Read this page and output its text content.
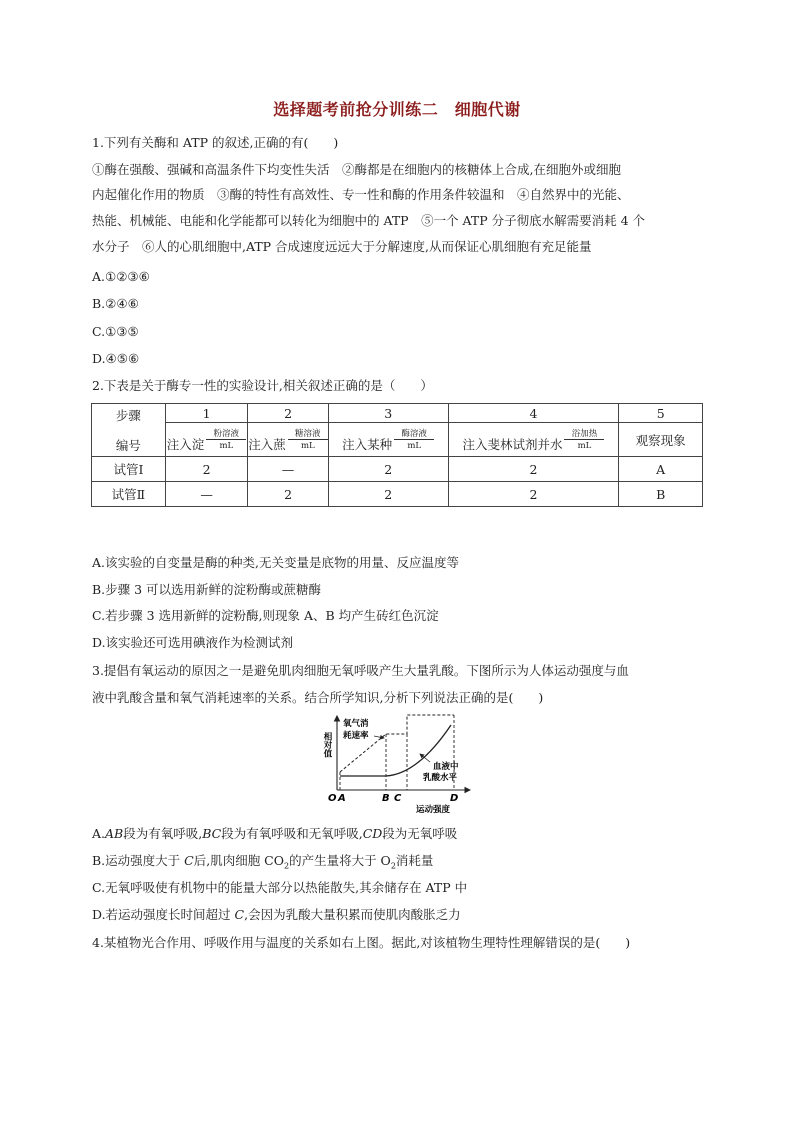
选择题考前抢分训练二　细胞代谢
1.下列有关酶和 ATP 的叙述,正确的有(　　)
①酶在强酸、强碱和高温条件下均变性失活　②酶都是在细胞内的核糖体上合成,在细胞外或细胞
内起催化作用的物质　③酶的特性有高效性、专一性和酶的作用条件较温和　④自然界中的光能、
热能、机械能、电能和化学能都可以转化为细胞中的 ATP　⑤一个 ATP 分子彻底水解需要消耗 4 个
水分子　⑥人的心肌细胞中,ATP 合成速度远远大于分解速度,从而保证心肌细胞有充足能量
A.①②③⑥
B.②④⑥
C.①③⑤
D.④⑤⑥
2.下表是关于酶专一性的实验设计,相关叙述正确的是（　　）
步骤
编号	1	2	3	4	5

	注入淀 $\frac{\text{粉溶液}}{mL}$	注入蔗 $\frac{\text{糖溶液}}{mL}$	注入某种 $\frac{\text{酶溶液}}{mL}$	注入斐林试剂并水 $\frac{\text{浴加热}}{mL}$	观察现象
试管Ⅰ	2	—	2	2	A
试管Ⅱ	—	2	2	2	B
A.该实验的自变量是酶的种类,无关变量是底物的用量、反应温度等
B.步骤 3 可以选用新鲜的淀粉酶或蔗糖酶
C.若步骤 3 选用新鲜的淀粉酶,则现象 A、B 均产生砖红色沉淀
D.该实验还可选用碘液作为检测试剂
3.提倡有氧运动的原因之一是避免肌肉细胞无氧呼吸产生大量乳酸。下图所示为人体运动强度与血
液中乳酸含量和氧气消耗速率的关系。结合所学知识,分析下列说法正确的是(　　)
相对值
氧气消
耗速率
血液中
乳酸水平
O A	B C	D
运动强度
A.AB段为有氧呼吸,BC段为有氧呼吸和无氧呼吸,CD段为无氧呼吸
B.运动强度大于 C后,肌肉细胞 $CO_2$的产生量将大于 $O_2$消耗量
C.无氧呼吸使有机物中的能量大部分以热能散失,其余储存在 ATP 中
D.若运动强度长时间超过 C,会因为乳酸大量积累而使肌肉酸胀乏力
4.某植物光合作用、呼吸作用与温度的关系如右上图。据此,对该植物生理特性理解错误的是(　　)
